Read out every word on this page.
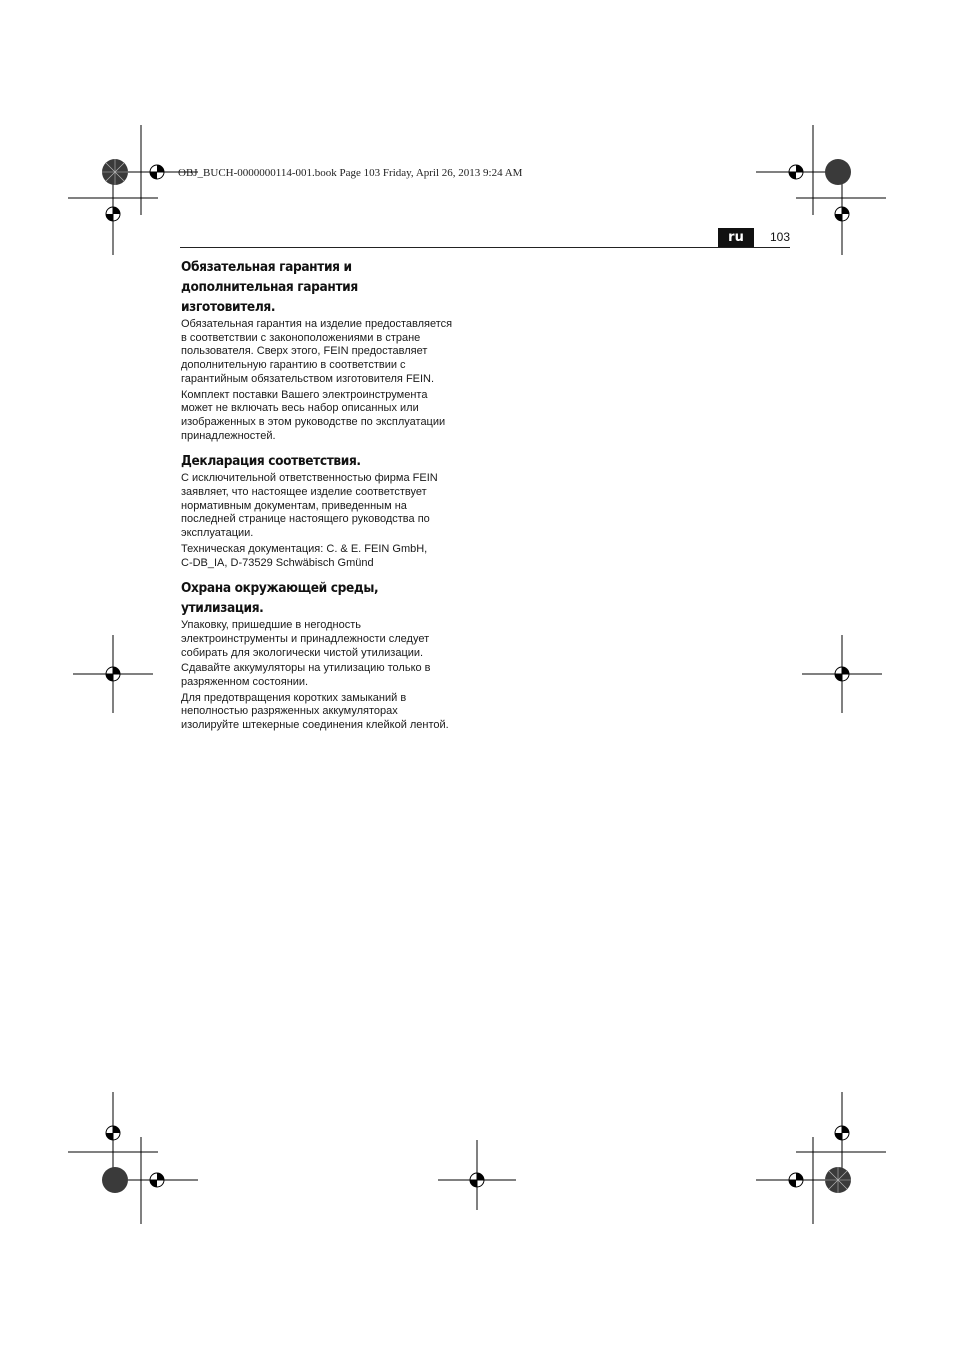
OBJ_BUCH-0000000114-001.book Page 103 Friday, April 26, 2013 9:24 AM
ru	103
Обязательная гарантия и
дополнительная гарантия
изготовителя.

Обязательная гарантия на изделие предоставляется
в соответствии с законоположениями в стране
пользователя. Сверх этого, FEIN предоставляет
дополнительную гарантию в соответствии с
гарантийным обязательством изготовителя FEIN.

Комплект поставки Вашего электроинструмента
может не включать весь набор описанных или
изображенных в этом руководстве по эксплуатации
принадлежностей.

Декларация соответствия.

С исключительной ответственностью фирма FEIN
заявляет, что настоящее изделие соответствует
нормативным документам, приведенным на
последней странице настоящего руководства по
эксплуатации.

Техническая документация: C. & E. FEIN GmbH,
C-DB_IA, D-73529 Schwäbisch Gmünd

Охрана окружающей среды,
утилизация.

Упаковку, пришедшие в негодность
электроинструменты и принадлежности следует
собирать для экологически чистой утилизации.

Сдавайте аккумуляторы на утилизацию только в
разряженном состоянии.

Для предотвращения коротких замыканий в
неполностью разряженных аккумуляторах
изолируйте штекерные соединения клейкой лентой.
